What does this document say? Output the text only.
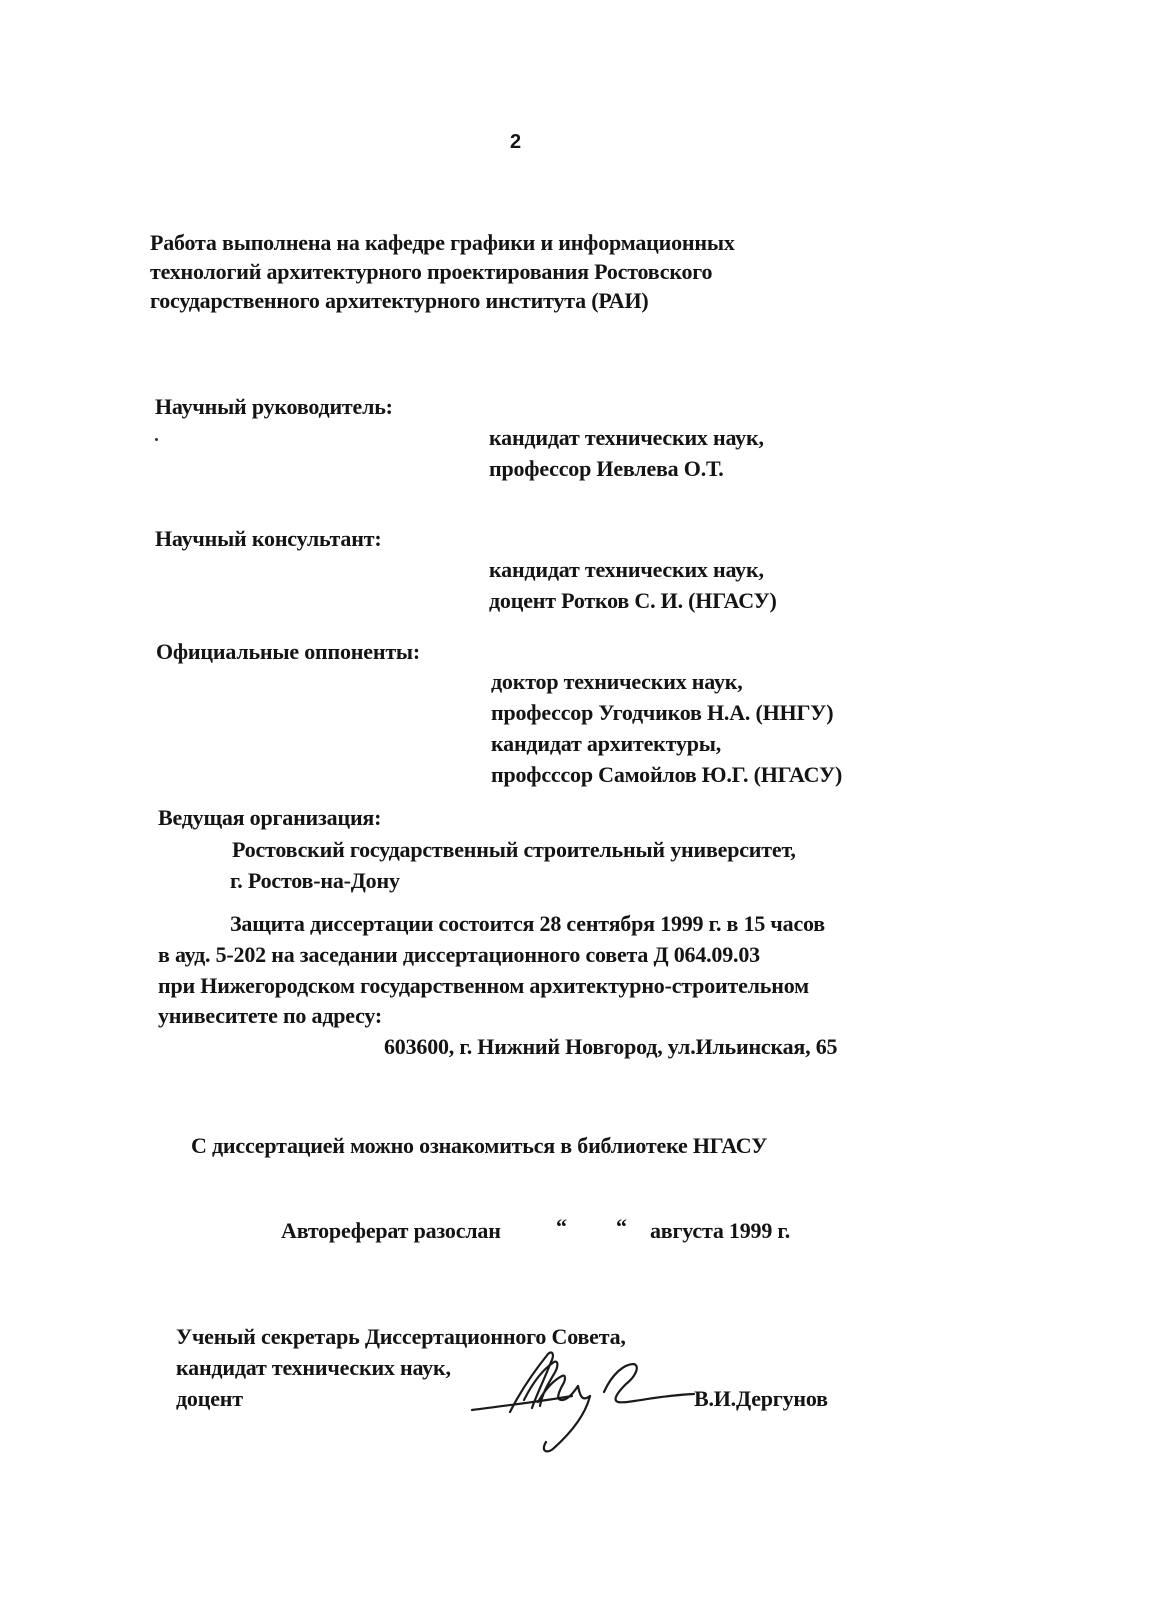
2
Работа выполнена на кафедре графики и информационных
технологий архитектурного проектирования Ростовского
государственного архитектурного института (РАИ)
Научный руководитель:
кандидат технических наук,
профессор Иевлева О.Т.
Научный консультант:
кандидат технических наук,
доцент Ротков С. И. (НГАСУ)
Официальные оппоненты:
доктор технических наук,
профессор Угодчиков Н.А. (ННГУ)
кандидат архитектуры,
профсссор Самойлов Ю.Г. (НГАСУ)
Ведущая организация:
Ростовский государственный строительный университет,
г. Ростов-на-Дону
Защита диссертации состоится 28 сентября 1999 г. в 15 часов
в ауд. 5-202 на заседании диссертационного совета Д 064.09.03
при Нижегородском государственном архитектурно-строительном
унивеситете по адресу:
603600, г. Нижний Новгород, ул.Ильинская, 65
С диссертацией можно ознакомиться в библиотеке НГАСУ
Автореферат разослан	“ “ августа 1999 г.
Ученый секретарь Диссертационного Совета,
кандидат технических наук,
доцент	В.И.Дергунов
